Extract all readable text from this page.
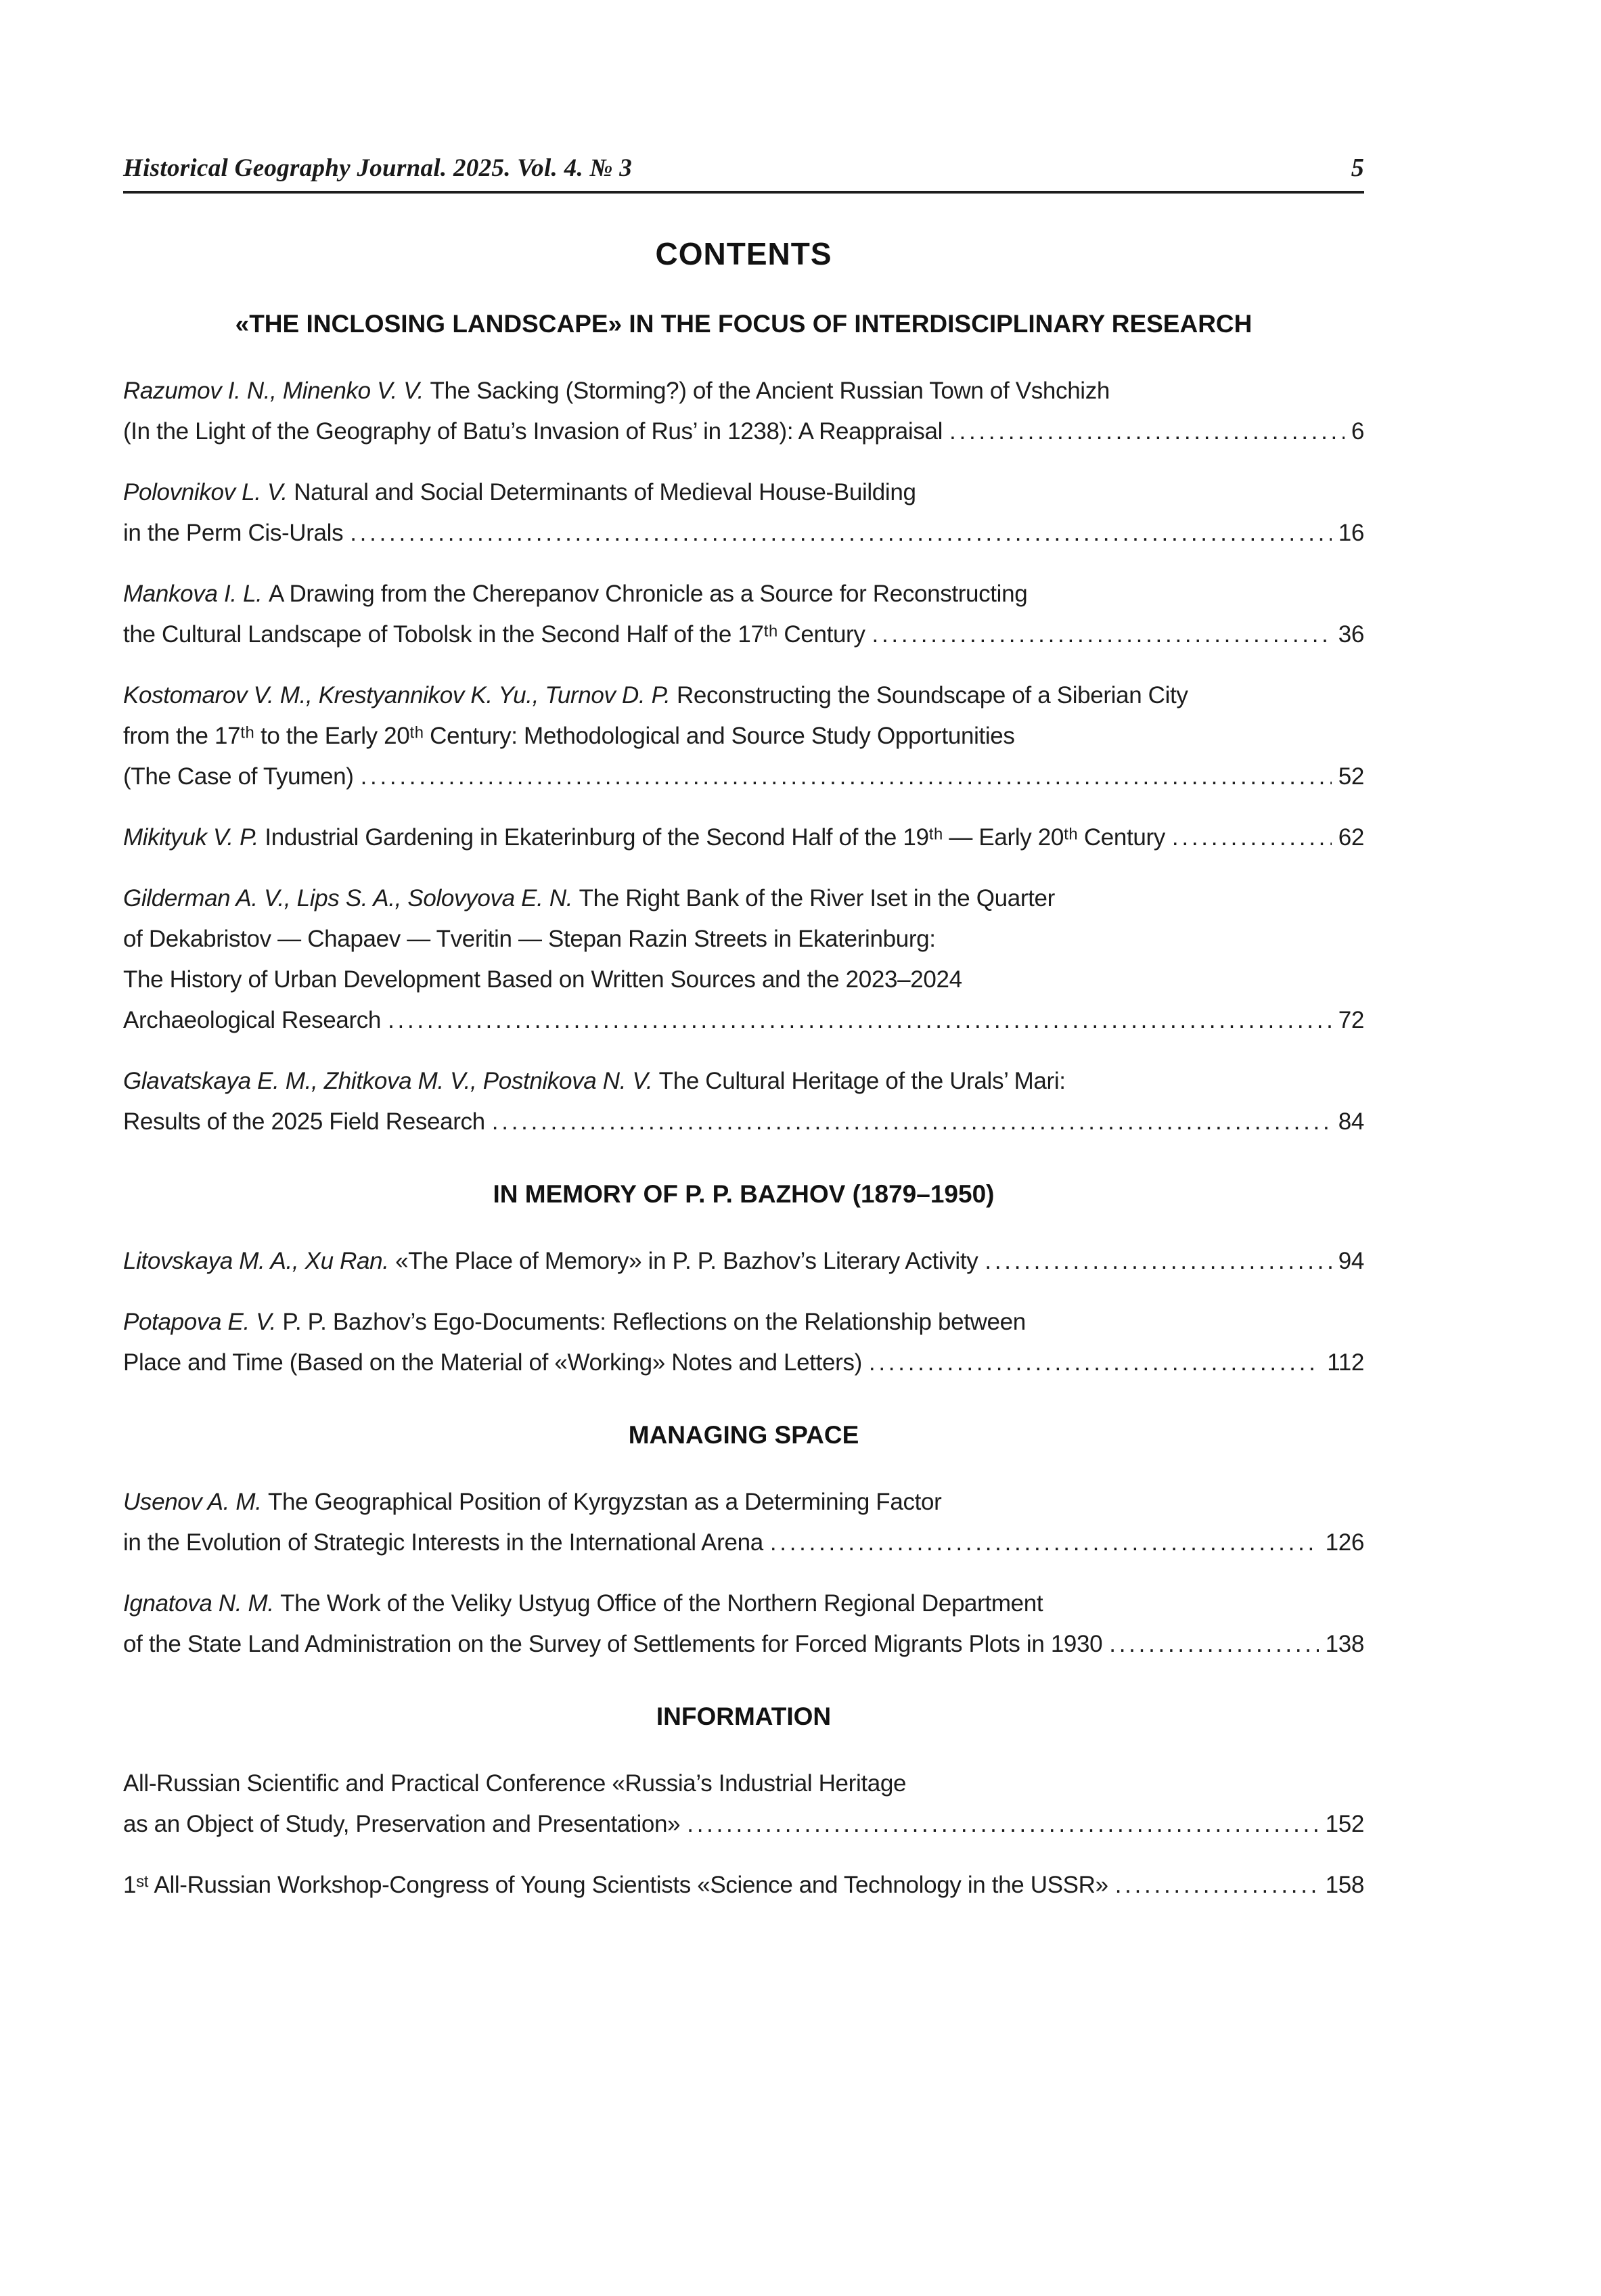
Historical Geography Journal. 2025. Vol. 4. № 3	5
CONTENTS
«THE INCLOSING LANDSCAPE» IN THE FOCUS OF INTERDISCIPLINARY RESEARCH
Razumov I. N., Minenko V. V. The Sacking (Storming?) of the Ancient Russian Town of Vshchizh
(In the Light of the Geography of Batu’s Invasion of Rus’ in 1238): A Reappraisal .....	6
Polovnikov L. V. Natural and Social Determinants of Medieval House-Building
in the Perm Cis-Urals .....	16
Mankova I. L. A Drawing from the Cherepanov Chronicle as a Source for Reconstructing
the Cultural Landscape of Tobolsk in the Second Half of the 17ᵗʰ Century .....	36
Kostomarov V. M., Krestyannikov K. Yu., Turnov D. P. Reconstructing the Soundscape of a Siberian City
from the 17ᵗʰ to the Early 20ᵗʰ Century: Methodological and Source Study Opportunities
(The Case of Tyumen) .....	52
Mikityuk V. P. Industrial Gardening in Ekaterinburg of the Second Half of the 19ᵗʰ — Early 20ᵗʰ Century .....	62
Gilderman A. V., Lips S. A., Solovyova E. N. The Right Bank of the River Iset in the Quarter
of Dekabristov — Chapaev — Tveritin — Stepan Razin Streets in Ekaterinburg:
The History of Urban Development Based on Written Sources and the 2023–2024
Archaeological Research .....	72
Glavatskaya E. M., Zhitkova M. V., Postnikova N. V. The Cultural Heritage of the Urals’ Mari:
Results of the 2025 Field Research .....	84
IN MEMORY OF P. P. BAZHOV (1879–1950)
Litovskaya M. A., Xu Ran. «The Place of Memory» in P. P. Bazhov’s Literary Activity .....	94
Potapova E. V. P. P. Bazhov’s Ego-Documents: Reflections on the Relationship between
Place and Time (Based on the Material of «Working» Notes and Letters) .....	112
MANAGING SPACE
Usenov A. M. The Geographical Position of Kyrgyzstan as a Determining Factor
in the Evolution of Strategic Interests in the International Arena .....	126
Ignatova N. M. The Work of the Veliky Ustyug Office of the Northern Regional Department
of the State Land Administration on the Survey of Settlements for Forced Migrants Plots in 1930 .....	138
INFORMATION
All-Russian Scientific and Practical Conference «Russia’s Industrial Heritage
as an Object of Study, Preservation and Presentation» .....	152
1ˢᵗ All-Russian Workshop-Congress of Young Scientists «Science and Technology in the USSR» .....	158
